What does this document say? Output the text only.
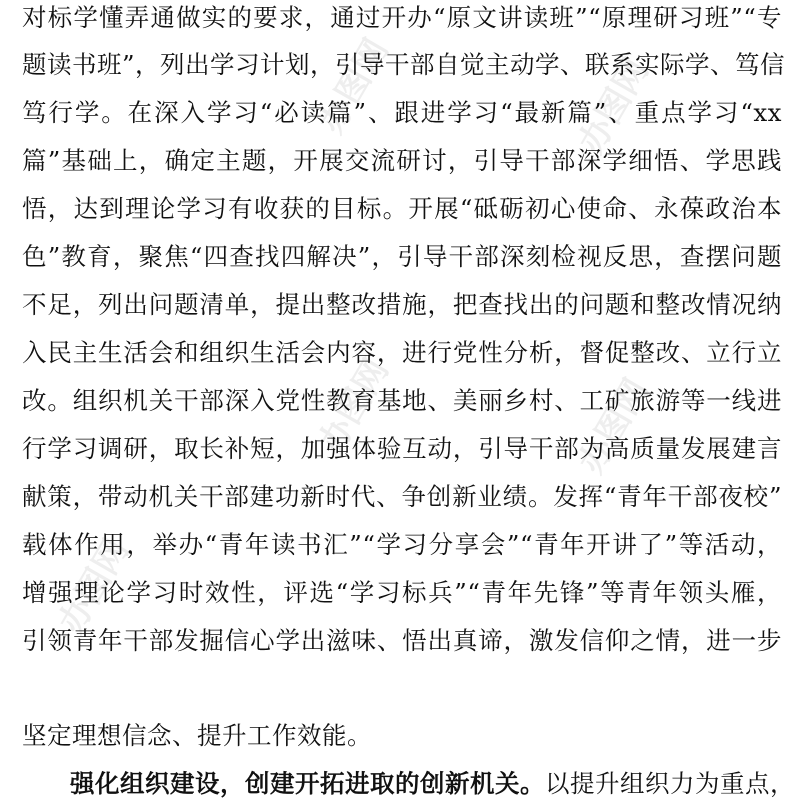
办图网	办图网
办图网	办图网
办图网
对标学懂弄通做实的要求，通过开办“原文讲读班”“原理研习班”“专
题读书班”，列出学习计划，引导干部自觉主动学、联系实际学、笃信
笃行学。在深入学习“必读篇”、跟进学习“最新篇”、重点学习“xx
篇”基础上，确定主题，开展交流研讨，引导干部深学细悟、学思践
悟，达到理论学习有收获的目标。开展“砥砺初心使命、永葆政治本
色”教育，聚焦“四查找四解决”，引导干部深刻检视反思，查摆问题
不足，列出问题清单，提出整改措施，把查找出的问题和整改情况纳
入民主生活会和组织生活会内容，进行党性分析，督促整改、立行立
改。组织机关干部深入党性教育基地、美丽乡村、工矿旅游等一线进
行学习调研，取长补短，加强体验互动，引导干部为高质量发展建言
献策，带动机关干部建功新时代、争创新业绩。发挥“青年干部夜校”
载体作用，举办“青年读书汇”“学习分享会”“青年开讲了”等活动，
增强理论学习时效性，评选“学习标兵”“青年先锋”等青年领头雁，
引领青年干部发掘信心学出滋味、悟出真谛，激发信仰之情，进一步
坚定理想信念、提升工作效能。
强化组织建设，创建开拓进取的创新机关。以提升组织力为重点，
